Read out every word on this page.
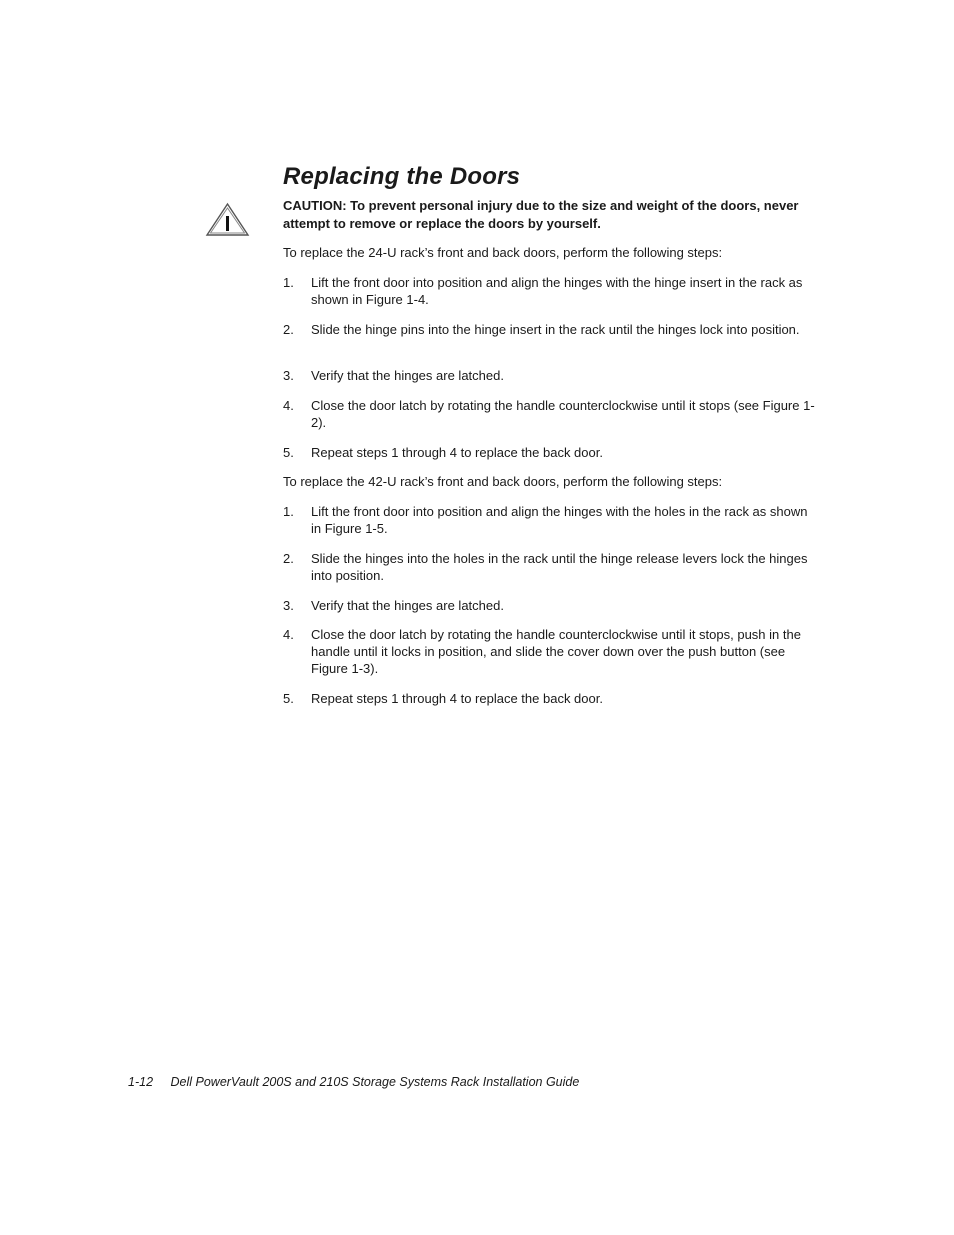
Replacing the Doors

CAUTION: To prevent personal injury due to the size and weight of the doors, never attempt to remove or replace the doors by yourself.

To replace the 24-U rack’s front and back doors, perform the following steps:

1.	Lift the front door into position and align the hinges with the hinge insert in the rack as shown in Figure 1-4.
2.	Slide the hinge pins into the hinge insert in the rack until the hinges lock into position.
3.	Verify that the hinges are latched.
4.	Close the door latch by rotating the handle counterclockwise until it stops (see Figure 1-2).
5.	Repeat steps 1 through 4 to replace the back door.

To replace the 42-U rack’s front and back doors, perform the following steps:

1.	Lift the front door into position and align the hinges with the holes in the rack as shown in Figure 1-5.
2.	Slide the hinges into the holes in the rack until the hinge release levers lock the hinges into position.
3.	Verify that the hinges are latched.
4.	Close the door latch by rotating the handle counterclockwise until it stops, push in the handle until it locks in position, and slide the cover down over the push button (see Figure 1-3).
5.	Repeat steps 1 through 4 to replace the back door.
1-12 Dell PowerVault 200S and 210S Storage Systems Rack Installation Guide
